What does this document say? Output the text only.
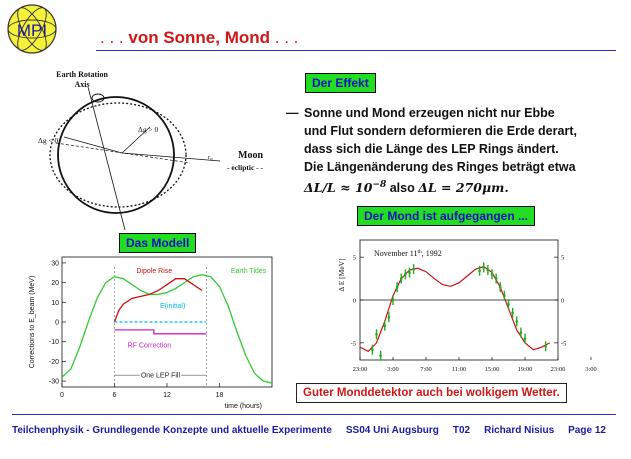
MPI	. . . von Sonne, Mond . . .
Earth Rotation
Axis
Δg < 0
Δg > 0
Moon
- ecliptic - -
$r_m$
Der Effekt
— Sonne und Mond erzeugen nicht nur Ebbe
und Flut sondern deformieren die Erde derart,
dass sich die Länge des LEP Rings ändert.
Die Längenänderung des Ringes beträgt etwa
$\Delta L/L \approx 10^{-8}$ also ΔL = 270μm.
Der Mond ist aufgegangen ...
Das Modell
30
20
10
0
-10
-20
-30
0	6	12	18
time (hours)
Corrections to E_beam (MeV)
One LEP Fill
Earth Tides
Dipole Rise
E(initial)
RF Correction
5	5
0	0
-5	-5
23:00	3:00	7:00	11:00	15:00	19:00	23:00	3:00
Δ E [MeV]
November 11th, 1992
Guter Monddetektor auch bei wolkigem Wetter.
Teilchenphysik - Grundlegende Konzepte und aktuelle Experimente SS04 Uni Augsburg T02 Richard Nisius Page 12
